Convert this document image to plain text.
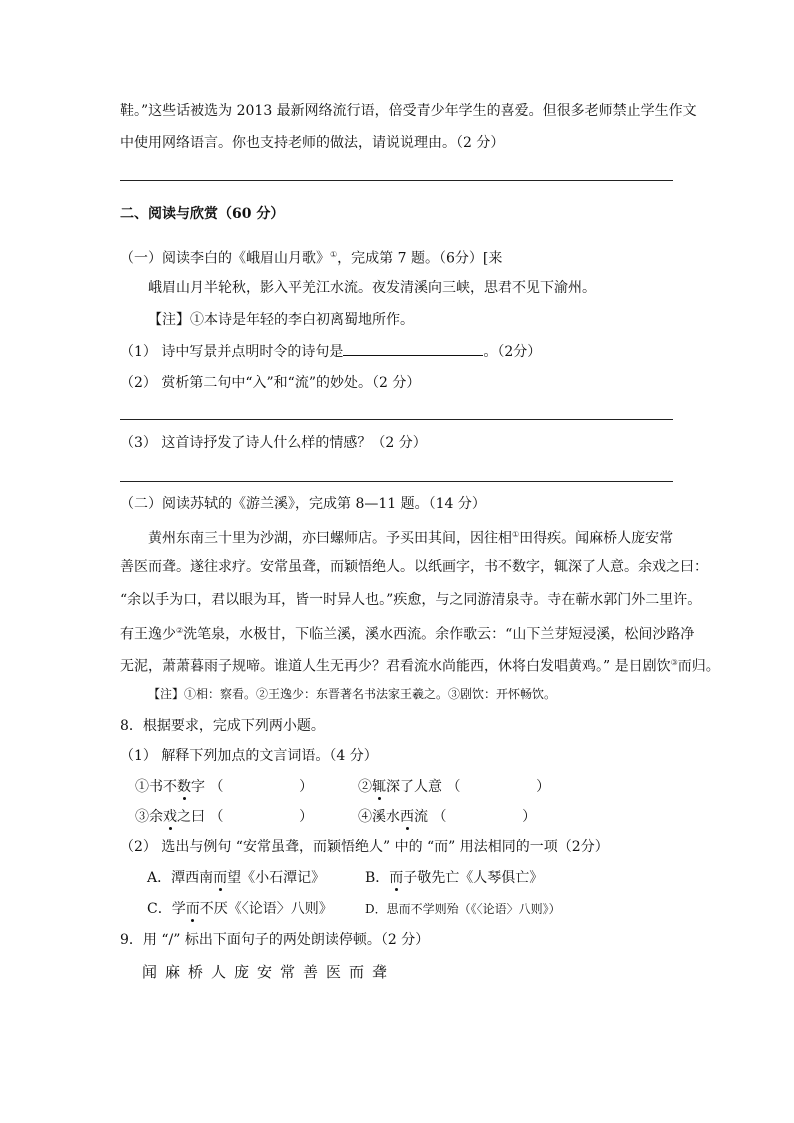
鞋。”这些话被选为 2013 最新网络流行语，倍受青少年学生的喜爱。但很多老师禁止学生作文
中使用网络语言。你也支持老师的做法，请说说理由。（2 分）
二、阅读与欣赏（60 分）
（一）阅读李白的《峨眉山月歌》①，完成第 7 题。（6分）[来
峨眉山月半轮秋，影入平羌江水流。夜发清溪向三峡，思君不见下渝州。
【注】①本诗是年轻的李白初离蜀地所作。
（1） 诗中写景并点明时令的诗句是	。（2分）
（2） 赏析第二句中“入”和“流”的妙处。（2 分）
（3） 这首诗抒发了诗人什么样的情感？（2 分）
（二）阅读苏轼的《游兰溪》，完成第 8—11 题。（14 分）
黄州东南三十里为沙湖，亦曰螺师店。予买田其间，因往相①田得疾。闻麻桥人庞安常
善医而聋。遂往求疗。安常虽聋，而颖悟绝人。以纸画字，书不数字，辄深了人意。余戏之曰：
“余以手为口，君以眼为耳，皆一时异人也。”疾愈，与之同游清泉寺。寺在蕲水郭门外二里许。
有王逸少②洗笔泉，水极甘，下临兰溪，溪水西流。余作歌云：“山下兰芽短浸溪，松间沙路净
无泥，萧萧暮雨子规啼。谁道人生无再少？君看流水尚能西，休将白发唱黄鸡。” 是日剧饮③而归。
【注】①相：察看。②王逸少：东晋著名书法家王羲之。③剧饮：开怀畅饮。
8．根据要求，完成下列两小题。
（1） 解释下列加点的文言词语。（4 分）
①书不数字 （                 ）	②辄深了人意 （                 ）
③余戏之曰 （                 ）	④溪水西流 （                 ）
（2） 选出与例句 “安常虽聋，而颖悟绝人” 中的 “而” 用法相同的一项（2分）
A．潭西南而望《小石潭记》	B．而子敬先亡《人琴俱亡》
C．学而不厌《〈论语〉八则》	D．思而不学则殆（《〈论语〉八则》）
9．用 “/” 标出下面句子的两处朗读停顿。（2 分）
闻麻桥人庞安常善医而聋
